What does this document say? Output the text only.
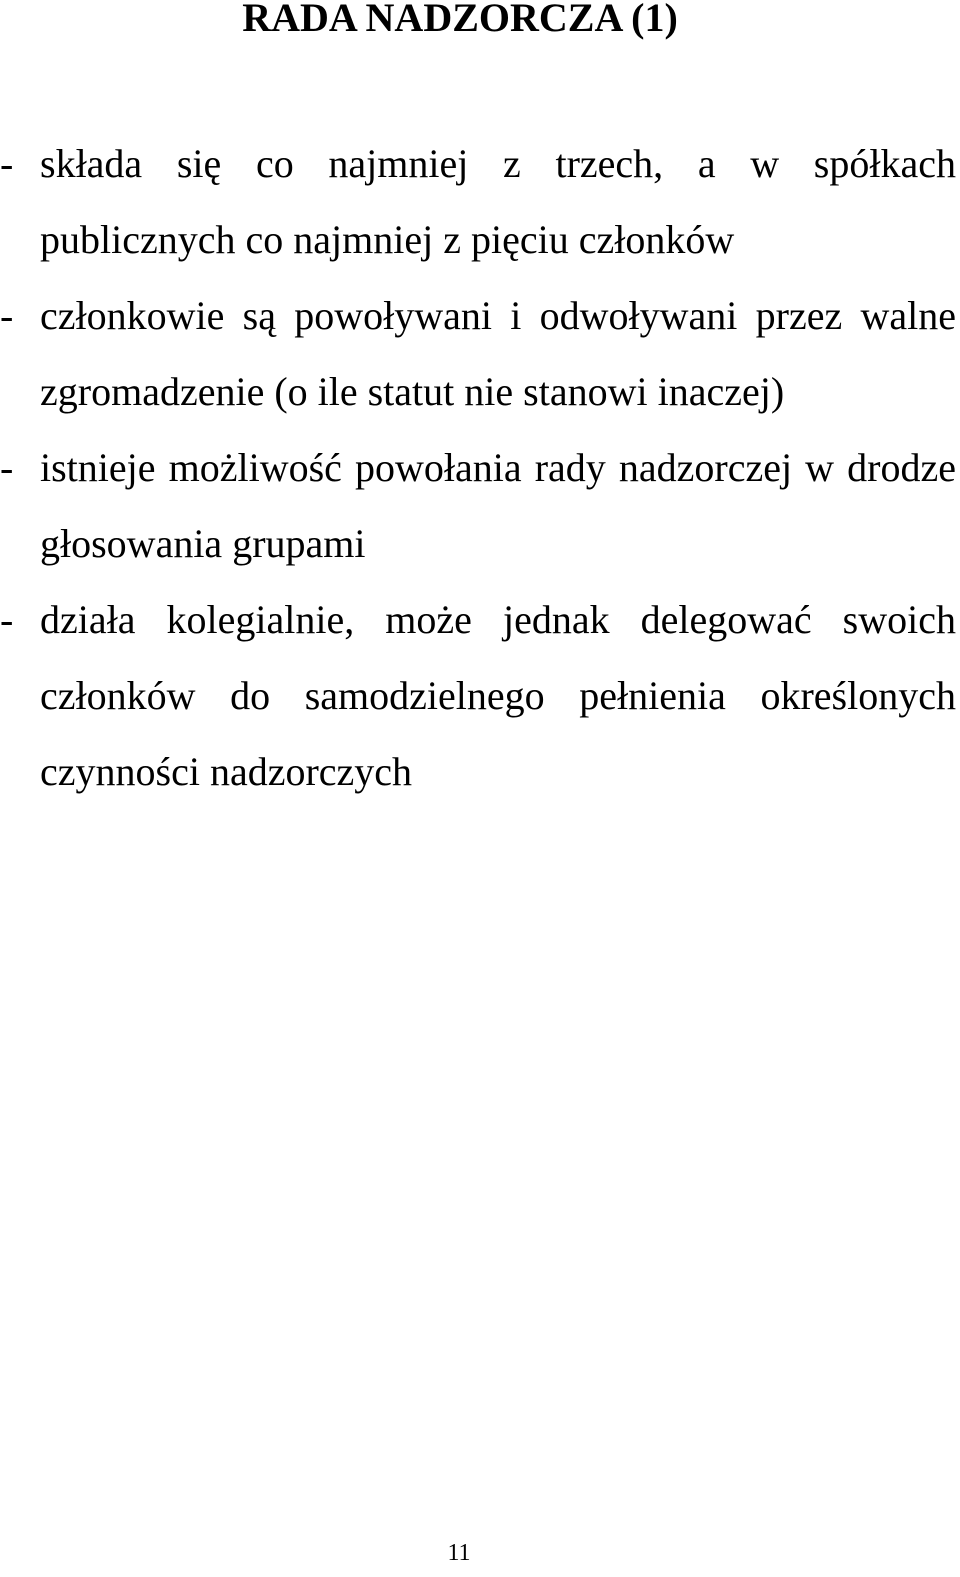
RADA NADZORCZA (1)
- składa się co najmniej z trzech, a w spółkach publicznych co najmniej z pięciu członków
- członkowie są powoływani i odwoływani przez walne zgromadzenie (o ile statut nie stanowi inaczej)
- istnieje możliwość powołania rady nadzorczej w drodze głosowania grupami
- działa kolegialnie, może jednak delegować swoich członków do samodzielnego pełnienia określonych czynności nadzorczych
11
